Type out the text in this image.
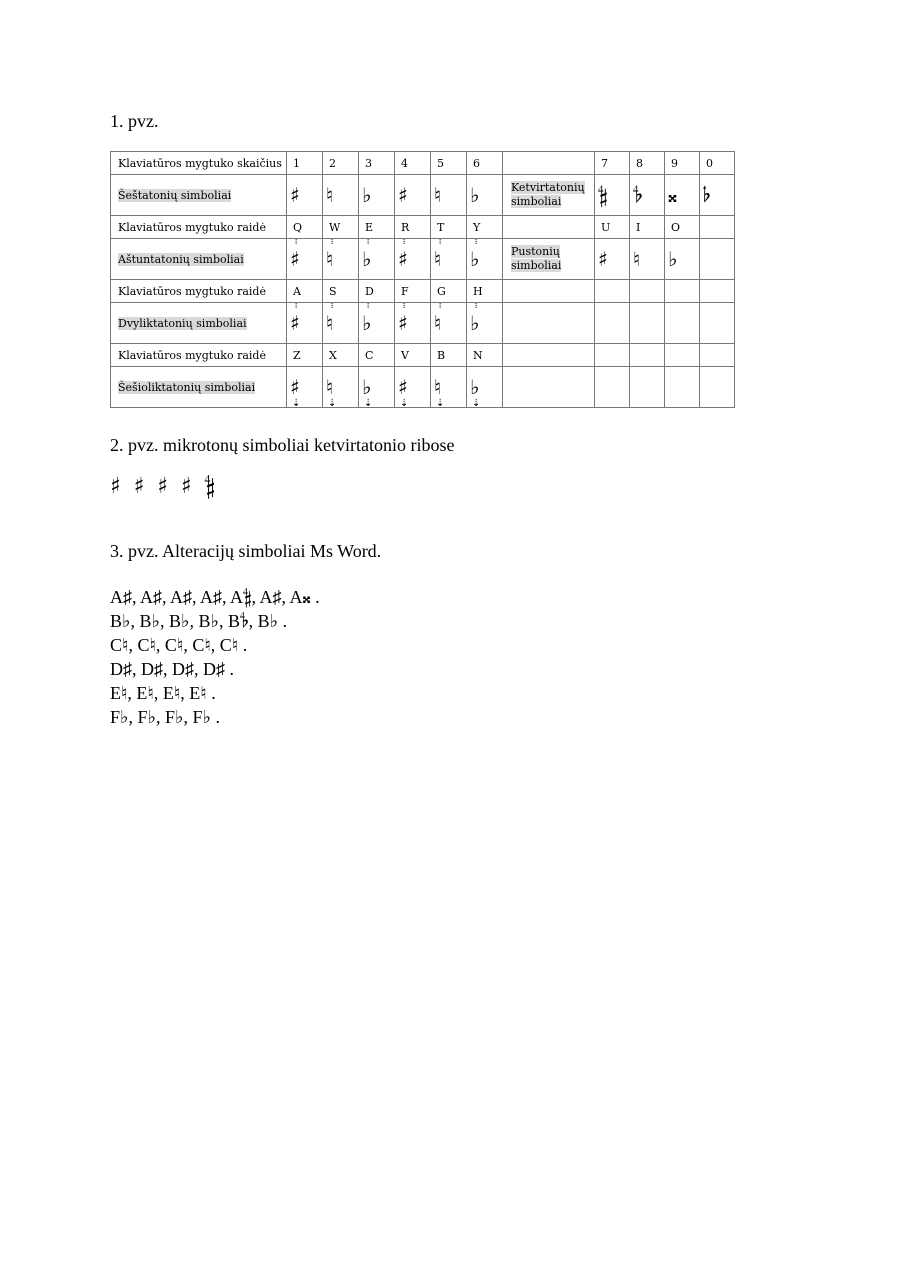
1. pvz.

Klaviatūros mygtuko skaičius	1	2	3	4	5	6		7	8	9	0
Šeštatonių simboliai	♯	♮	♭	♯	♮	♭	Ketvirtatonių simboliai	𝄲	𝄳	𝄪	𝄬
Klaviatūros mygtuko raidė	Q	W	E	R	T	Y		U	I	O	
Aštuntatonių simboliai	⇡ ♯	⇡ ♮	⇡ ♭	⇡ ♯	⇡ ♮	⇡ ♭	Pustonių simboliai	♯	♮	♭	
Klaviatūros mygtuko raidė	A	S	D	F	G	H					
Dvyliktatonių simboliai	⇡ ♯	⇡ ♮	⇡ ♭	⇡ ♯	⇡ ♮	⇡ ♭					
Klaviatūros mygtuko raidė	Z	X	C	V	B	N					
Šešioliktatonių simboliai	♯ ⇣	♮ ⇣	♭ ⇣	♯ ⇣	♮ ⇣	♭ ⇣					

2. pvz. mikrotonų simboliai ketvirtatonio ribose

♯ ♯ ♯ ♯ 𝄲

3. pvz. Alteracijų simboliai Ms Word.

A♯, A♯, A♯, A♯, A𝄲, A♯, A𝄪 .
B♭, B♭, B♭, B♭, B𝄳, B♭ .
C♮, C♮, C♮, C♮, C♮ .
D♯, D♯, D♯, D♯ .
E♮, E♮, E♮, E♮ .
F♭, F♭, F♭, F♭ .
